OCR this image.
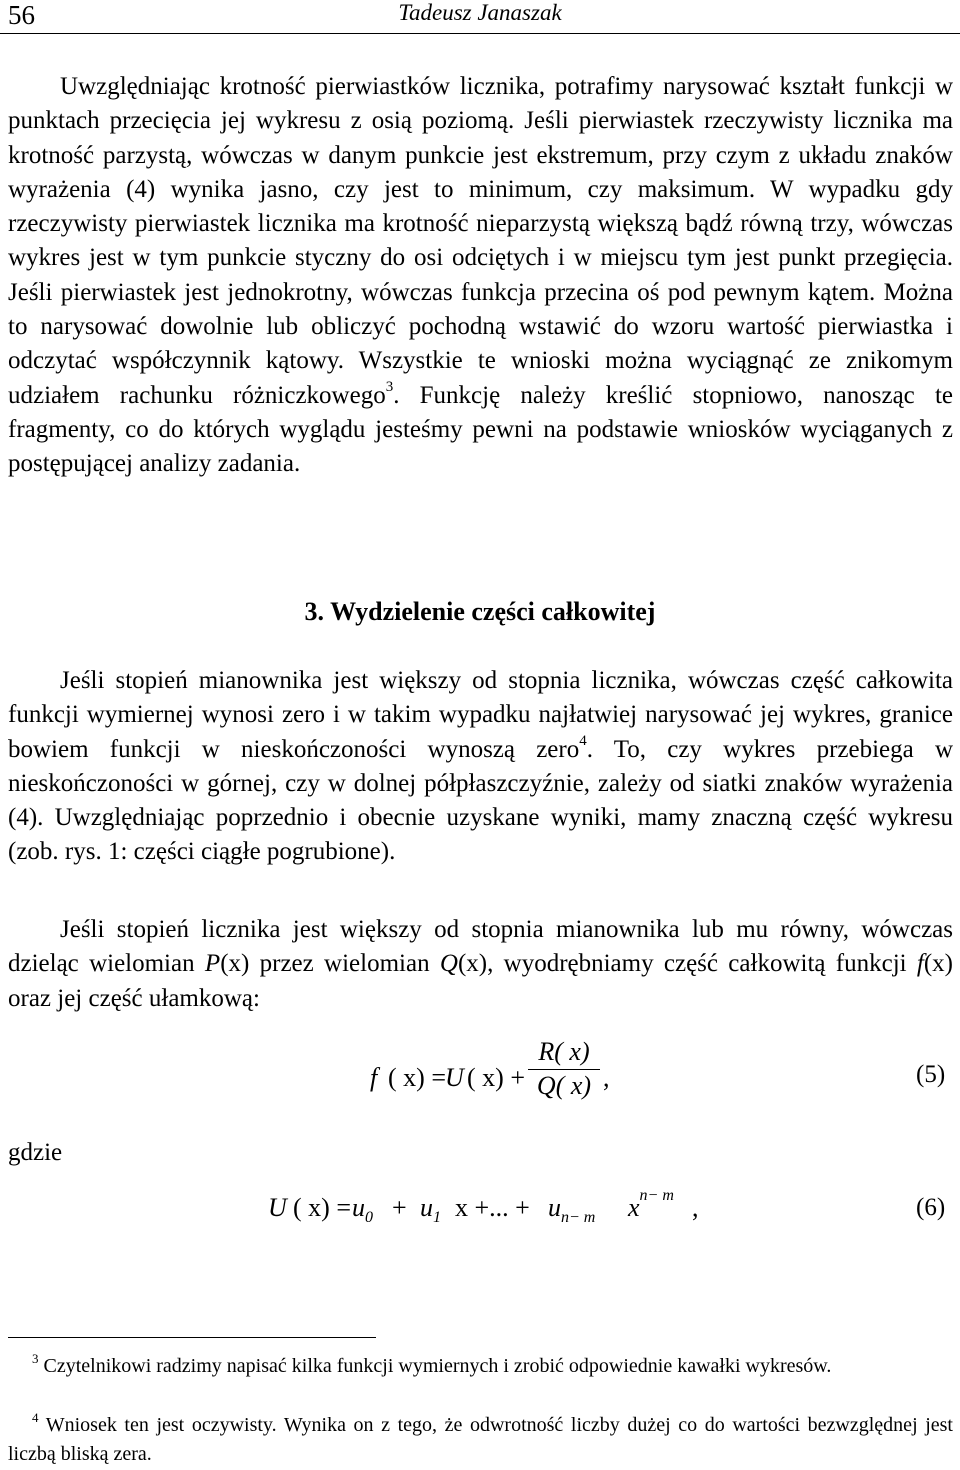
56	Tadeusz Janaszak

Uwzględniając krotność pierwiastków licznika, potrafimy narysować kształt funkcji w punktach przecięcia jej wykresu z osią poziomą. Jeśli pierwiastek rzeczywisty licznika ma krotność parzystą, wówczas w danym punkcie jest ekstremum, przy czym z układu znaków wyrażenia (4) wynika jasno, czy jest to minimum, czy maksimum. W wypadku gdy rzeczywisty pierwiastek licznika ma krotność nieparzystą większą bądź równą trzy, wówczas wykres jest w tym punkcie styczny do osi odciętych i w miejscu tym jest punkt przegięcia. Jeśli pierwiastek jest jednokrotny, wówczas funkcja przecina oś pod pewnym kątem. Można to narysować dowolnie lub obliczyć pochodną wstawić do wzoru wartość pierwiastka i odczytać współczynnik kątowy. Wszystkie te wnioski można wyciągnąć ze znikomym udziałem rachunku różniczkowego$^3$. Funkcję należy kreślić stopniowo, nanosząc te fragmenty, co do których wyglądu jesteśmy pewni na podstawie wniosków wyciąganych z postępującej analizy zadania.

3. Wydzielenie części całkowitej

Jeśli stopień mianownika jest większy od stopnia licznika, wówczas część całkowita funkcji wymiernej wynosi zero i w takim wypadku najłatwiej narysować jej wykres, granice bowiem funkcji w nieskończoności wynoszą zero$^4$. To, czy wykres przebiega w nieskończoności w górnej, czy w dolnej półpłaszczyźnie, zależy od siatki znaków wyrażenia (4). Uwzględniając poprzednio i obecnie uzyskane wyniki, mamy znaczną część wykresu (zob. rys. 1: części ciągłe pogrubione).

Jeśli stopień licznika jest większy od stopnia mianownika lub mu równy, wówczas dzieląc wielomian P(x) przez wielomian Q(x), wyodrębniamy część całkowitą funkcji f(x) oraz jej część ułamkową:

f ( x) = U ( x) +
R( x)
Q( x) ,	(5)
gdzie
U ( $x) = u_0 + u_1$ x +... + $u_{n- m}$ $x^{n- m}$ ,	(6)

$^3$ Czytelnikowi radzimy napisać kilka funkcji wymiernych i zrobić odpowiednie kawałki wykresów.

$^4$ Wniosek ten jest oczywisty. Wynika on z tego, że odwrotność liczby dużej co do wartości bezwzględnej jest liczbą bliską zera.
